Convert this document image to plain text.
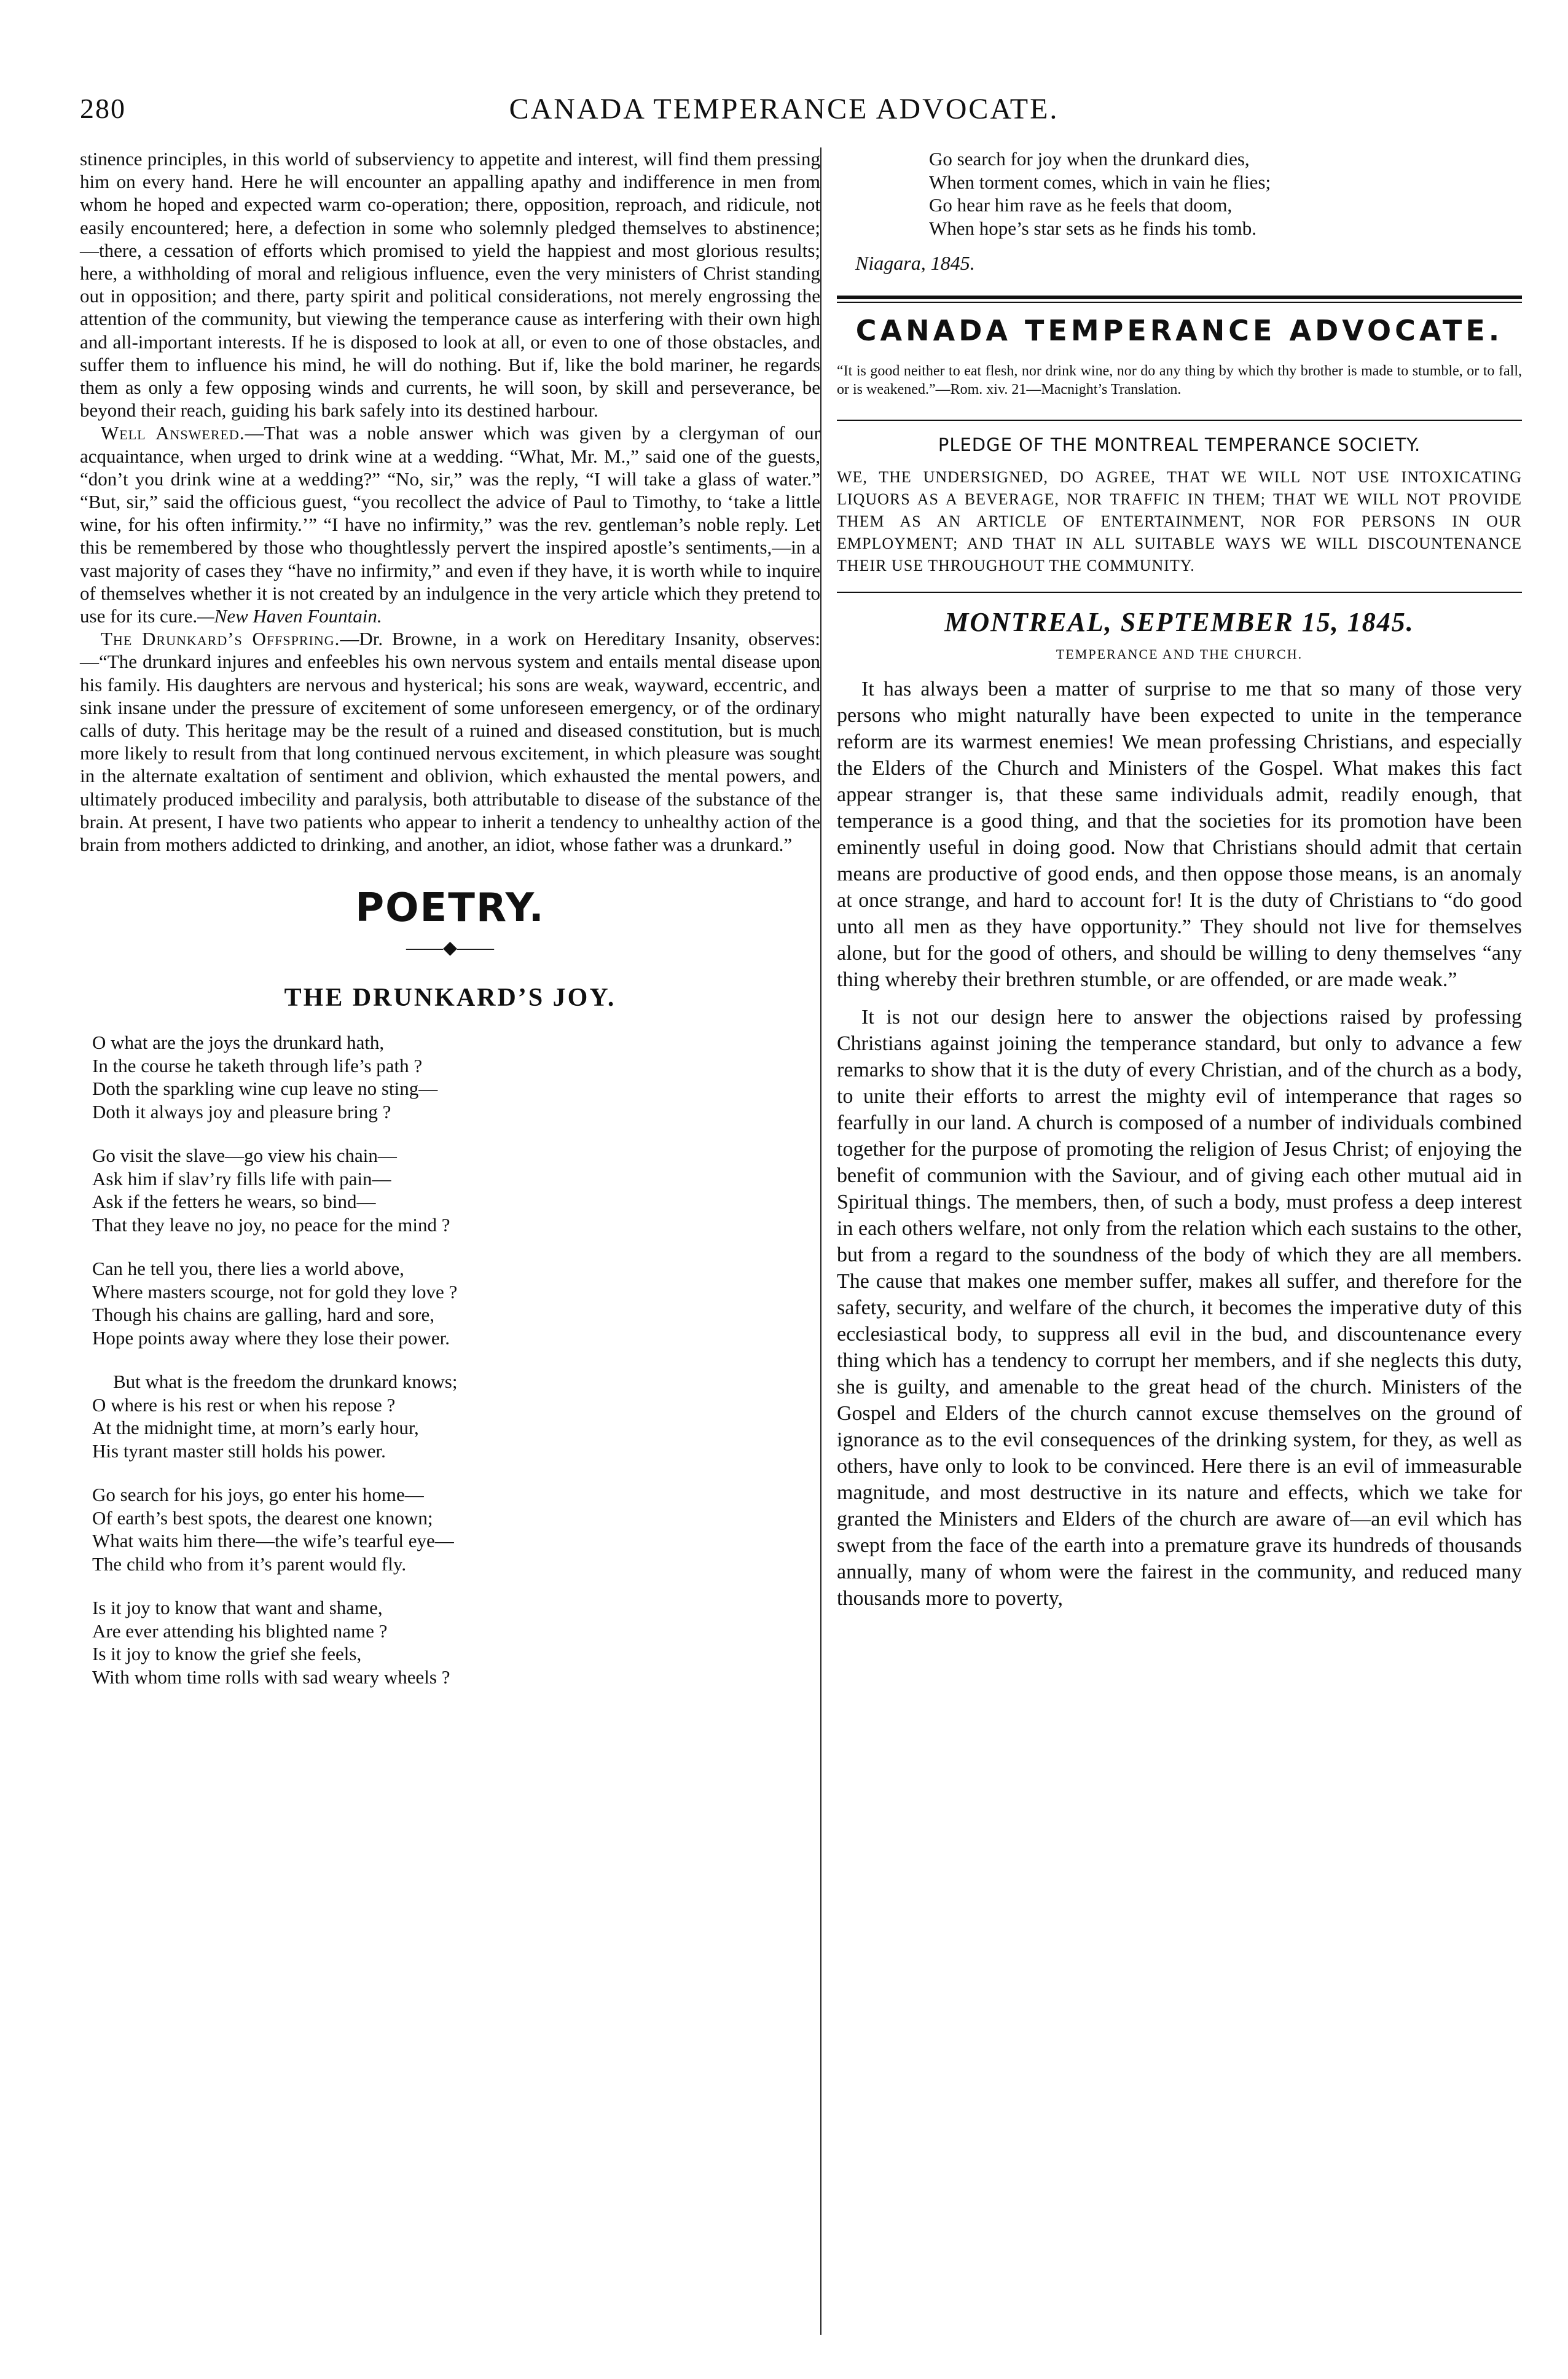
280	CANADA TEMPERANCE ADVOCATE.

stinence principles, in this world of subserviency to appetite and interest, will find them pressing him on every hand. Here he will encounter an appalling apathy and indifference in men from whom he hoped and expected warm co-operation; there, opposition, reproach, and ridicule, not easily encountered; here, a defection in some who solemnly pledged themselves to abstinence; —there, a cessation of efforts which promised to yield the happiest and most glorious results; here, a withholding of moral and religious influence, even the very ministers of Christ standing out in opposition; and there, party spirit and political considerations, not merely engrossing the attention of the community, but viewing the temperance cause as interfering with their own high and all-important interests. If he is disposed to look at all, or even to one of those obstacles, and suffer them to influence his mind, he will do nothing. But if, like the bold mariner, he regards them as only a few opposing winds and currents, he will soon, by skill and perseverance, be beyond their reach, guiding his bark safely into its destined harbour.

Well Answered.—That was a noble answer which was given by a clergyman of our acquaintance, when urged to drink wine at a wedding. “What, Mr. M.,” said one of the guests, “don’t you drink wine at a wedding?” “No, sir,” was the reply, “I will take a glass of water.” “But, sir,” said the officious guest, “you recollect the advice of Paul to Timothy, to ‘take a little wine, for his often infirmity.’” “I have no infirmity,” was the rev. gentleman’s noble reply. Let this be remembered by those who thoughtlessly pervert the inspired apostle’s sentiments,—in a vast majority of cases they “have no infirmity,” and even if they have, it is worth while to inquire of themselves whether it is not created by an indulgence in the very article which they pretend to use for its cure.—New Haven Fountain.

The Drunkard’s Offspring.—Dr. Browne, in a work on Hereditary Insanity, observes:—“The drunkard injures and enfeebles his own nervous system and entails mental disease upon his family. His daughters are nervous and hysterical; his sons are weak, wayward, eccentric, and sink insane under the pressure of excitement of some unforeseen emergency, or of the ordinary calls of duty. This heritage may be the result of a ruined and diseased constitution, but is much more likely to result from that long continued nervous excitement, in which pleasure was sought in the alternate exaltation of sentiment and oblivion, which exhausted the mental powers, and ultimately produced imbecility and paralysis, both attributable to disease of the substance of the brain. At present, I have two patients who appear to inherit a tendency to unhealthy action of the brain from mothers addicted to drinking, and another, an idiot, whose father was a drunkard.”

POETRY.
——◆——
THE DRUNKARD’S JOY.
O what are the joys the drunkard hath,
In the course he taketh through life’s path ?
Doth the sparkling wine cup leave no sting—
Doth it always joy and pleasure bring ?
Go visit the slave—go view his chain—
Ask him if slav’ry fills life with pain—
Ask if the fetters he wears, so bind—
That they leave no joy, no peace for the mind ?
Can he tell you, there lies a world above,
Where masters scourge, not for gold they love ?
Though his chains are galling, hard and sore,
Hope points away where they lose their power.
But what is the freedom the drunkard knows;
O where is his rest or when his repose ?
At the midnight time, at morn’s early hour,
His tyrant master still holds his power.
Go search for his joys, go enter his home—
Of earth’s best spots, the dearest one known;
What waits him there—the wife’s tearful eye—
The child who from it’s parent would fly.
Is it joy to know that want and shame,
Are ever attending his blighted name ?
Is it joy to know the grief she feels,
With whom time rolls with sad weary wheels ?
Go search for joy when the drunkard dies,
When torment comes, which in vain he flies;
Go hear him rave as he feels that doom,
When hope’s star sets as he finds his tomb.
Niagara, 1845.
CANADA TEMPERANCE ADVOCATE.
“It is good neither to eat flesh, nor drink wine, nor do any thing by which thy brother is made to stumble, or to fall, or is weakened.”—Rom. xiv. 21—Macnight’s Translation.
PLEDGE OF THE MONTREAL TEMPERANCE SOCIETY.
WE, THE UNDERSIGNED, DO AGREE, THAT WE WILL NOT USE INTOXICATING LIQUORS AS A BEVERAGE, NOR TRAFFIC IN THEM; THAT WE WILL NOT PROVIDE THEM AS AN ARTICLE OF ENTERTAINMENT, NOR FOR PERSONS IN OUR EMPLOYMENT; AND THAT IN ALL SUITABLE WAYS WE WILL DISCOUNTENANCE THEIR USE THROUGHOUT THE COMMUNITY.
MONTREAL, SEPTEMBER 15, 1845.
TEMPERANCE AND THE CHURCH.

It has always been a matter of surprise to me that so many of those very persons who might naturally have been expected to unite in the temperance reform are its warmest enemies! We mean professing Christians, and especially the Elders of the Church and Ministers of the Gospel. What makes this fact appear stranger is, that these same individuals admit, readily enough, that temperance is a good thing, and that the societies for its promotion have been eminently useful in doing good. Now that Christians should admit that certain means are productive of good ends, and then oppose those means, is an anomaly at once strange, and hard to account for! It is the duty of Christians to “do good unto all men as they have opportunity.” They should not live for themselves alone, but for the good of others, and should be willing to deny themselves “any thing whereby their brethren stumble, or are offended, or are made weak.”

It is not our design here to answer the objections raised by professing Christians against joining the temperance standard, but only to advance a few remarks to show that it is the duty of every Christian, and of the church as a body, to unite their efforts to arrest the mighty evil of intemperance that rages so fearfully in our land. A church is composed of a number of individuals combined together for the purpose of promoting the religion of Jesus Christ; of enjoying the benefit of communion with the Saviour, and of giving each other mutual aid in Spiritual things. The members, then, of such a body, must profess a deep interest in each others welfare, not only from the relation which each sustains to the other, but from a regard to the soundness of the body of which they are all members. The cause that makes one member suffer, makes all suffer, and therefore for the safety, security, and welfare of the church, it becomes the imperative duty of this ecclesiastical body, to suppress all evil in the bud, and discountenance every thing which has a tendency to corrupt her members, and if she neglects this duty, she is guilty, and amenable to the great head of the church. Ministers of the Gospel and Elders of the church cannot excuse themselves on the ground of ignorance as to the evil consequences of the drinking system, for they, as well as others, have only to look to be convinced. Here there is an evil of immeasurable magnitude, and most destructive in its nature and effects, which we take for granted the Ministers and Elders of the church are aware of—an evil which has swept from the face of the earth into a premature grave its hundreds of thousands annually, many of whom were the fairest in the community, and reduced many thousands more to poverty,
